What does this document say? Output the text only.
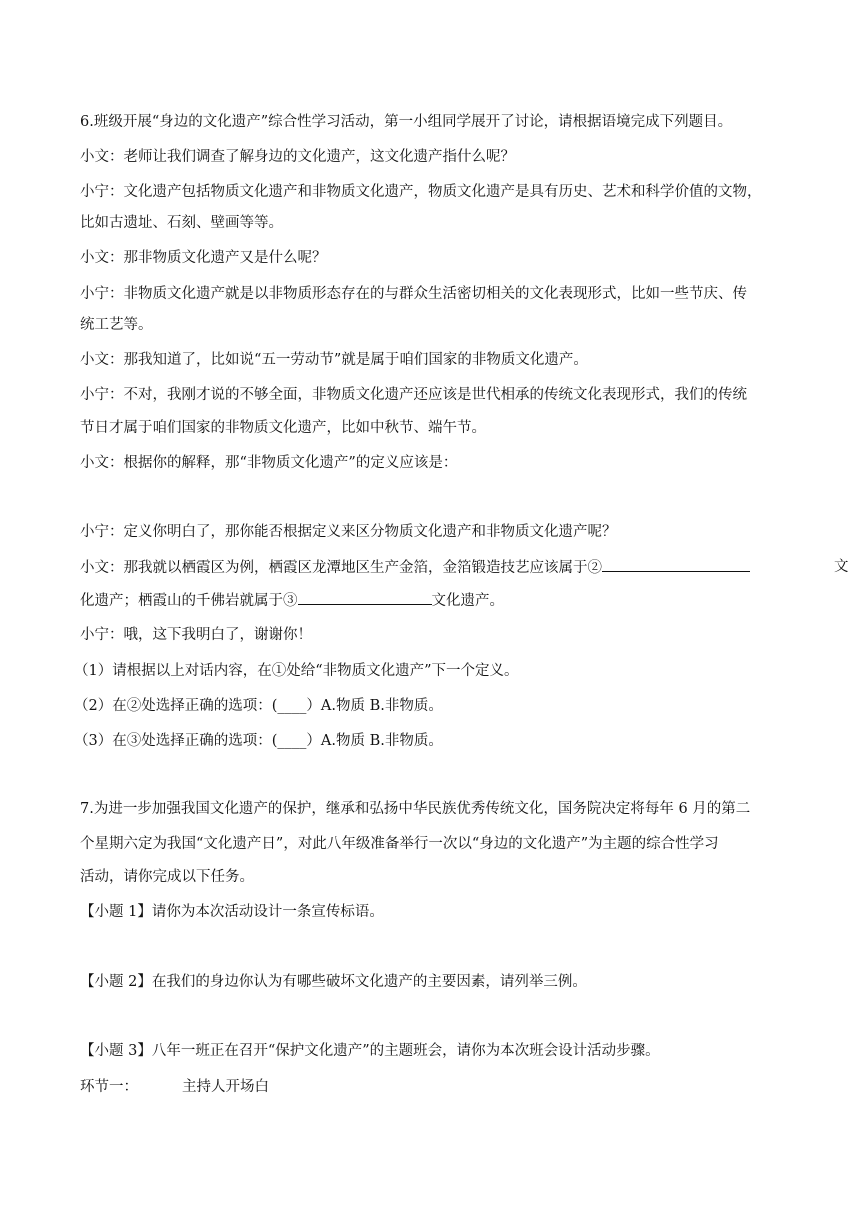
6.班级开展“身边的文化遗产”综合性学习活动，第一小组同学展开了讨论，请根据语境完成下列题目。

小文：老师让我们调查了解身边的文化遗产，这文化遗产指什么呢？

小宁：文化遗产包括物质文化遗产和非物质文化遗产，物质文化遗产是具有历史、艺术和科学价值的文物，

比如古遗址、石刻、壁画等等。

小文：那非物质文化遗产又是什么呢？

小宁：非物质文化遗产就是以非物质形态存在的与群众生活密切相关的文化表现形式，比如一些节庆、传

统工艺等。

小文：那我知道了，比如说“五一劳动节”就是属于咱们国家的非物质文化遗产。

小宁：不对，我刚才说的不够全面，非物质文化遗产还应该是世代相承的传统文化表现形式，我们的传统

节日才属于咱们国家的非物质文化遗产，比如中秋节、端午节。

小文：根据你的解释，那“非物质文化遗产”的定义应该是：

小宁：定义你明白了，那你能否根据定义来区分物质文化遗产和非物质文化遗产呢？

小文：那我就以栖霞区为例，栖霞区龙潭地区生产金箔，金箔锻造技艺应该属于②	文

化遗产；栖霞山的千佛岩就属于③	文化遗产。

小宁：哦，这下我明白了，谢谢你！

（1）请根据以上对话内容，在①处给“非物质文化遗产”下一个定义。

（2）在②处选择正确的选项：(____）A.物质 B.非物质。

（3）在③处选择正确的选项：(____）A.物质 B.非物质。

7.为进一步加强我国文化遗产的保护，继承和弘扬中华民族优秀传统文化，国务院决定将每年 6 月的第二

个星期六定为我国“文化遗产日”，对此八年级准备举行一次以“身边的文化遗产”为主题的综合性学习

活动，请你完成以下任务。

【小题 1】请你为本次活动设计一条宣传标语。

【小题 2】在我们的身边你认为有哪些破坏文化遗产的主要因素，请列举三例。

【小题 3】八年一班正在召开“保护文化遗产”的主题班会，请你为本次班会设计活动步骤。

环节一：	主持人开场白
